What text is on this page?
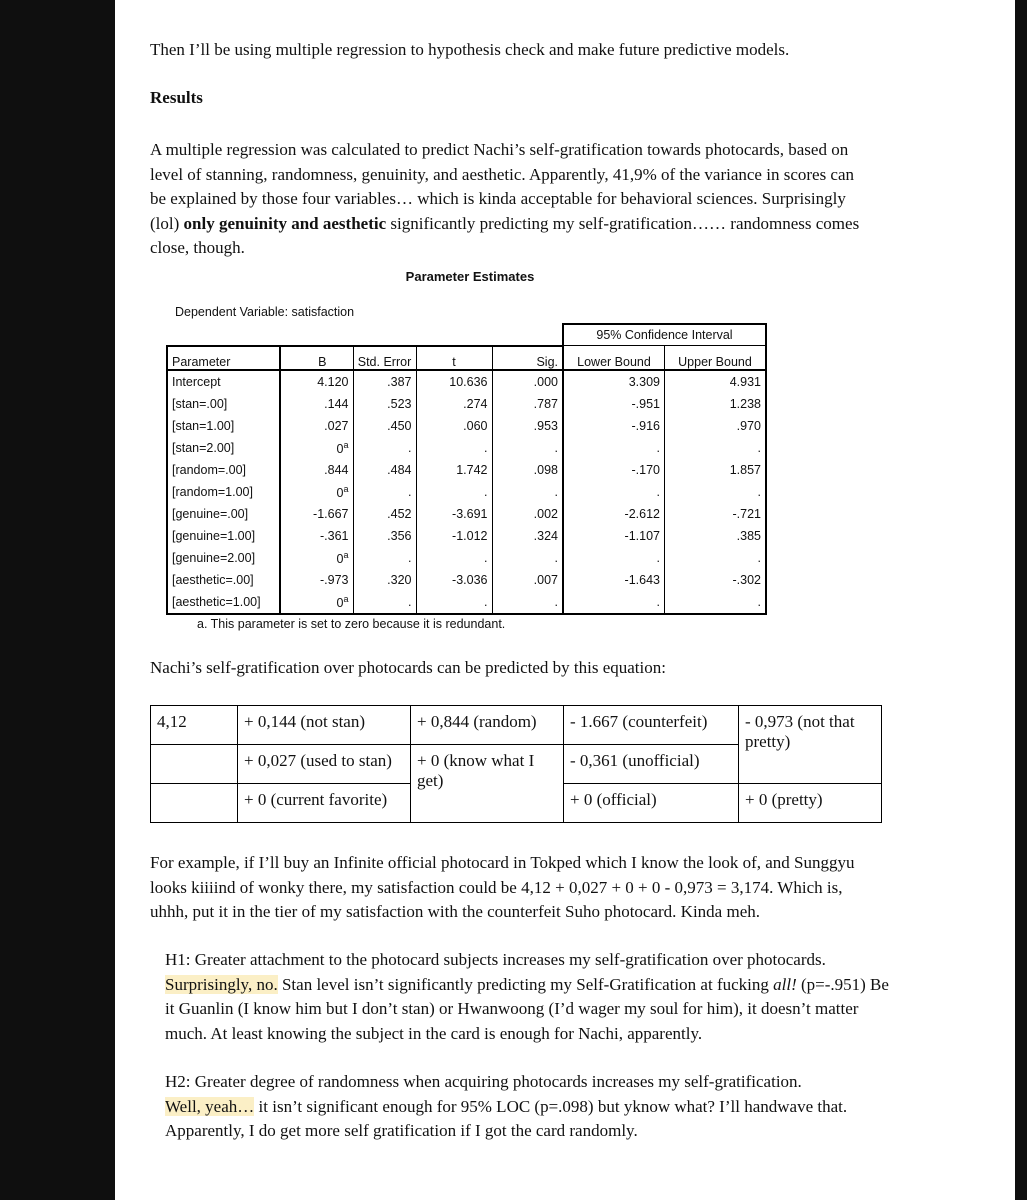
Then I’ll be using multiple regression to hypothesis check and make future predictive models.
Results
A multiple regression was calculated to predict Nachi’s self-gratification towards photocards, based on level of stanning, randomness, genuinity, and aesthetic. Apparently, 41,9% of the variance in scores can be explained by those four variables… which is kinda acceptable for behavioral sciences. Surprisingly (lol) only genuinity and aesthetic significantly predicting my self-gratification…… randomness comes close, though.
Parameter Estimates
Dependent Variable: satisfaction
					95% Confidence Interval	
Parameter	B	Std. Error	t	Sig.	Lower Bound	Upper Bound
Intercept	4.120	.387	10.636	.000	3.309	4.931
[stan=.00]	.144	.523	.274	.787	-.951	1.238
[stan=1.00]	.027	.450	.060	.953	-.916	.970
[stan=2.00]	0$^a$	.	.	.	.	.
[random=.00]	.844	.484	1.742	.098	-.170	1.857
[random=1.00]	0$^a$	.	.	.	.	.
[genuine=.00]	-1.667	.452	-3.691	.002	-2.612	-.721
[genuine=1.00]	-.361	.356	-1.012	.324	-1.107	.385
[genuine=2.00]	0$^a$	.	.	.	.	.
[aesthetic=.00]	-.973	.320	-3.036	.007	-1.643	-.302
[aesthetic=1.00]	0$^a$	.	.	.	.	.
a. This parameter is set to zero because it is redundant.
Nachi’s self-gratification over photocards can be predicted by this equation:
4,12	+ 0,144 (not stan)	+ 0,844 (random)	- 1.667 (counterfeit)	- 0,973 (not that pretty)
	+ 0,027 (used to stan)	+ 0 (know what I get)	- 0,361 (unofficial)	
	+ 0 (current favorite)		+ 0 (official)	+ 0 (pretty)
For example, if I’ll buy an Infinite official photocard in Tokped which I know the look of, and Sunggyu looks kiiiind of wonky there, my satisfaction could be 4,12 + 0,027 + 0 + 0 - 0,973 = 3,174. Which is, uhhh, put it in the tier of my satisfaction with the counterfeit Suho photocard. Kinda meh.
H1: Greater attachment to the photocard subjects increases my self-gratification over photocards.
Surprisingly, no. Stan level isn’t significantly predicting my Self-Gratification at fucking all! (p=-.951) Be it Guanlin (I know him but I don’t stan) or Hwanwoong (I’d wager my soul for him), it doesn’t matter much. At least knowing the subject in the card is enough for Nachi, apparently.
H2: Greater degree of randomness when acquiring photocards increases my self-gratification.
Well, yeah… it isn’t significant enough for 95% LOC (p=.098) but yknow what? I’ll handwave that. Apparently, I do get more self gratification if I got the card randomly.
